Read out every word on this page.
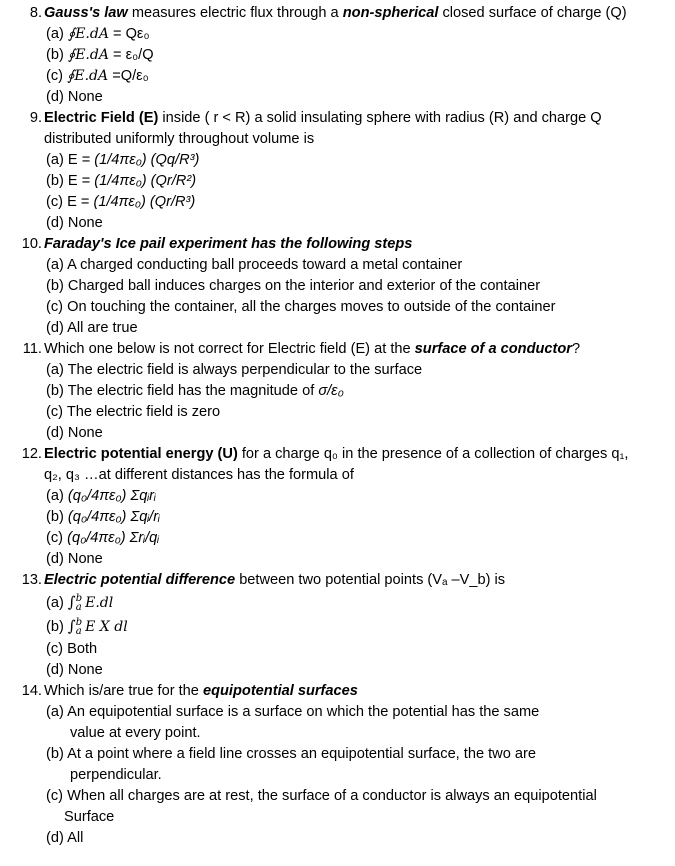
8. Gauss's law measures electric flux through a non-spherical closed surface of charge (Q)
(a) ∮E.dA = Qε₀
(b) ∮E.dA = ε₀/Q
(c) ∮E.dA =Q/ε₀
(d) None
9. Electric Field (E) inside ( r < R) a solid insulating sphere with radius (R) and charge Q distributed uniformly throughout volume is
(a) E = (1/4πε₀) (Qq/R³)
(b) E = (1/4πε₀) (Qr/R²)
(c) E = (1/4πε₀) (Qr/R³)
(d) None
10. Faraday's Ice pail experiment has the following steps
(a) A charged conducting ball proceeds toward a metal container
(b) Charged ball induces charges on the interior and exterior of the container
(c) On touching the container, all the charges moves to outside of the container
(d) All are true
11. Which one below is not correct for Electric field (E) at the surface of a conductor?
(a) The electric field is always perpendicular to the surface
(b) The electric field has the magnitude of σ/ε₀
(c) The electric field is zero
(d) None
12. Electric potential energy (U) for a charge q₀ in the presence of a collection of charges q₁, q₂, q₃ …at different distances has the formula of
(a) (q₀/4πε₀) Σqᵢrᵢ
(b) (q₀/4πε₀) Σqᵢ/rᵢ
(c) (q₀/4πε₀) Σrᵢ/qᵢ
(d) None
13. Electric potential difference between two potential points (Vₐ –V_b) is
(a) ∫ b
a E.dl
(b) ∫ b
a E X dl
(c) Both
(d) None
14. Which is/are true for the equipotential surfaces
(a) An equipotential surface is a surface on which the potential has the same
value at every point.
(b) At a point where a field line crosses an equipotential surface, the two are
perpendicular.
(c) When all charges are at rest, the surface of a conductor is always an equipotential
Surface
(d) All
